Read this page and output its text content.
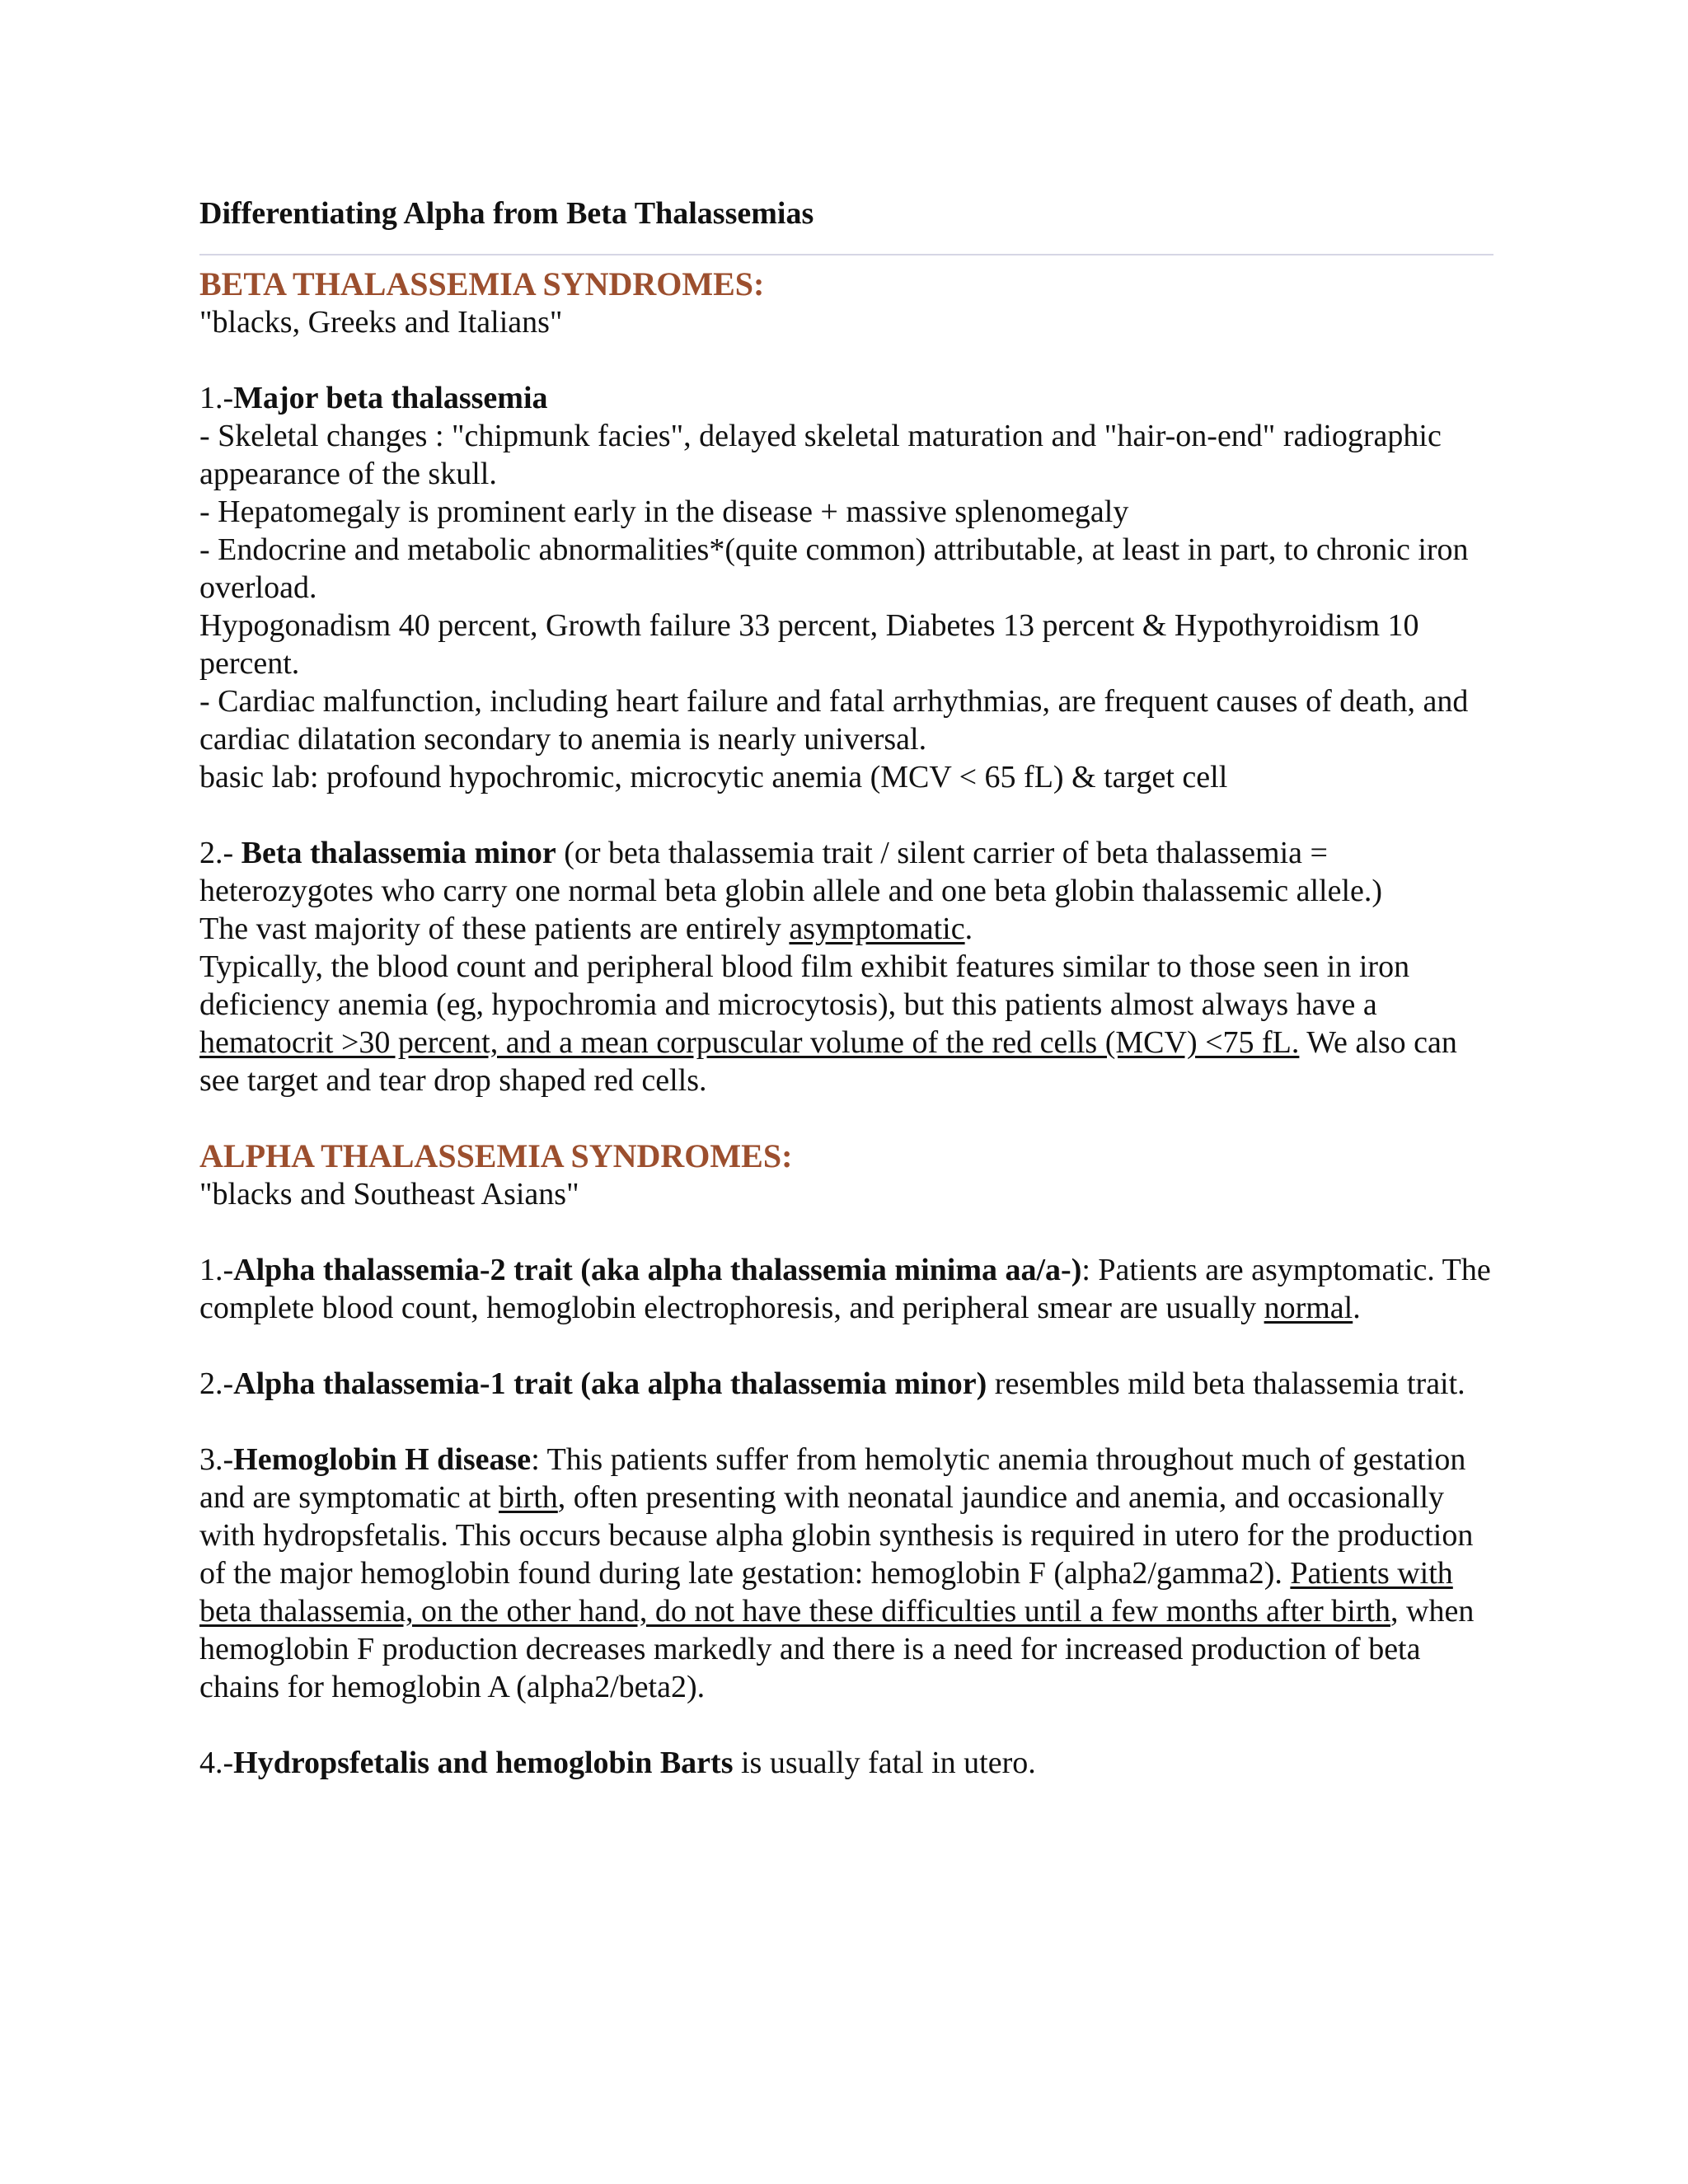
Differentiating Alpha from Beta Thalassemias

BETA THALASSEMIA SYNDROMES:
"blacks, Greeks and Italians"
1.-Major beta thalassemia
- Skeletal changes : "chipmunk facies", delayed skeletal maturation and "hair-on-end" radiographic appearance of the skull.
- Hepatomegaly is prominent early in the disease + massive splenomegaly
- Endocrine and metabolic abnormalities*(quite common) attributable, at least in part, to chronic iron overload.
Hypogonadism 40 percent, Growth failure 33 percent, Diabetes 13 percent & Hypothyroidism 10 percent.
- Cardiac malfunction, including heart failure and fatal arrhythmias, are frequent causes of death, and cardiac dilatation secondary to anemia is nearly universal.
basic lab: profound hypochromic, microcytic anemia (MCV < 65 fL) & target cell
2.- Beta thalassemia minor (or beta thalassemia trait / silent carrier of beta thalassemia = heterozygotes who carry one normal beta globin allele and one beta globin thalassemic allele.)
The vast majority of these patients are entirely asymptomatic.
Typically, the blood count and peripheral blood film exhibit features similar to those seen in iron deficiency anemia (eg, hypochromia and microcytosis), but this patients almost always have a hematocrit >30 percent, and a mean corpuscular volume of the red cells (MCV) <75 fL. We also can see target and tear drop shaped red cells.
ALPHA THALASSEMIA SYNDROMES:
"blacks and Southeast Asians"
1.-Alpha thalassemia-2 trait (aka alpha thalassemia minima aa/a-): Patients are asymptomatic. The complete blood count, hemoglobin electrophoresis, and peripheral smear are usually normal.
2.-Alpha thalassemia-1 trait (aka alpha thalassemia minor) resembles mild beta thalassemia trait.
3.-Hemoglobin H disease: This patients suffer from hemolytic anemia throughout much of gestation and are symptomatic at birth, often presenting with neonatal jaundice and anemia, and occasionally with hydropsfetalis. This occurs because alpha globin synthesis is required in utero for the production of the major hemoglobin found during late gestation: hemoglobin F (alpha2/gamma2). Patients with beta thalassemia, on the other hand, do not have these difficulties until a few months after birth, when hemoglobin F production decreases markedly and there is a need for increased production of beta chains for hemoglobin A (alpha2/beta2).
4.-Hydropsfetalis and hemoglobin Barts is usually fatal in utero.
